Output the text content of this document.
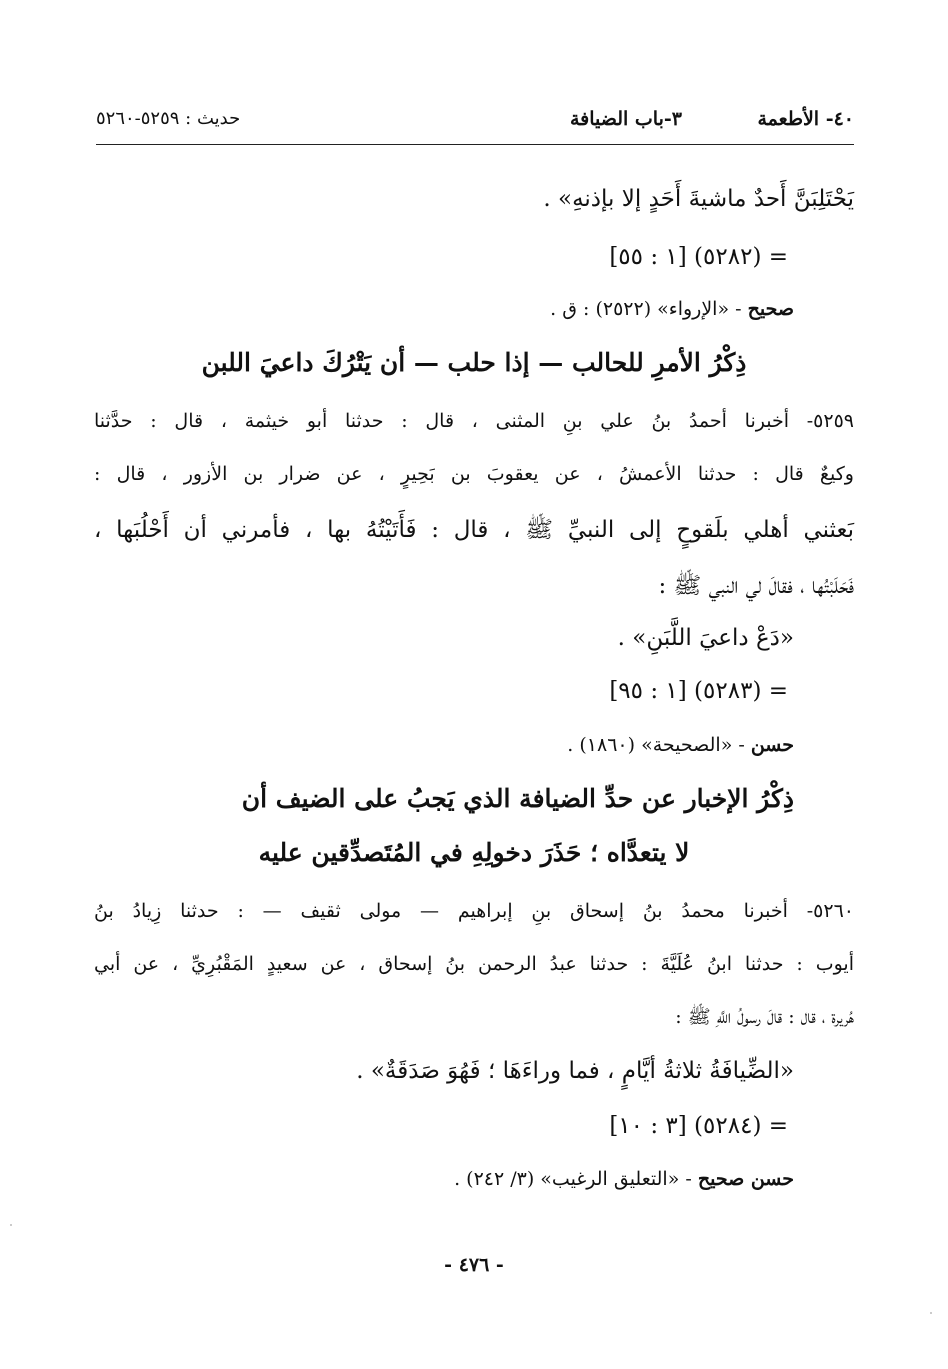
٤٠- الأطعمة
٣-باب الضيافة
حديث : ٥٢٥٩-٥٢٦٠
يَحْتَلِبَنَّ أَحدٌ ماشيةَ أَحَدٍ إلا بإذنهِ» .
= (٥٢٨٢) [١ : ٥٥]
صحيح - «الإرواء» (٢٥٢٢) : ق .
ذِكْرُ الأمرِ للحالب — إذا حلب — أن يَتْرُكَ داعيَ اللبن
٥٢٥٩- أخبرنا أحمدُ بنُ علي بنِ المثنى ، قال : حدثنا أبو خيثمة ، قال : حدَّثنا
وكيعٌ قال : حدثنا الأعمشُ ، عن يعقوبَ بن بَحِيرٍ ، عن ضرار بن الأزور ، قال :
بَعثني أهلي بلَقوحٍ إلى النبيِّ ﷺ ، قال : فَأَتَيْتُهُ بها ، فأمرني أن أَحْلُبَها ،
فَحَلَبْتُها ، فقالَ لي النبي ﷺ :
«دَعْ داعيَ اللَّبَنِ» .
= (٥٢٨٣) [١ : ٩٥]
حسن - «الصحيحة» (١٨٦٠) .
ذِكْرُ الإخبار عن حدِّ الضيافة الذي يَجبُ على الضيف أن
لا يتعدَّاه ؛ حَذَرَ دخولِهِ في المُتَصدِّقين عليه
٥٢٦٠- أخبرنا محمدُ بنُ إسحاق بنِ إبراهيم — مولى ثقيف — : حدثنا زِيادُ بنُ
أيوب : حدثنا ابنُ عُلَيَّةَ : حدثنا عبدُ الرحمن بنُ إسحاق ، عن سعيدٍ المَقْبُرِيِّ ، عن أبي
هُريرة ، قال : قالَ رسولُ اللَّهِ ﷺ :
«الضِّيافَةُ ثلاثةُ أيَّامٍ ، فما وراءَهَا ؛ فَهُوَ صَدَقَةٌ» .
= (٥٢٨٤) [٣ : ١٠]
حسن صحيح - «التعليق الرغيب» (٣/ ٢٤٢) .
- ٤٧٦ -
